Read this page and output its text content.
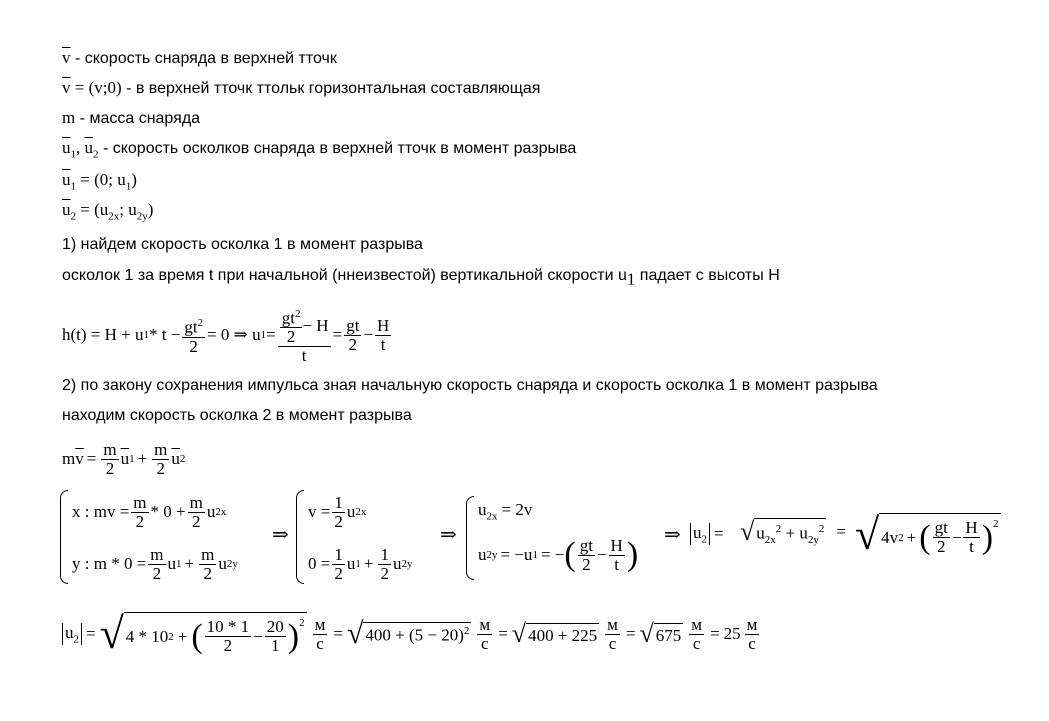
$\overline{v}$ - скорость снаряда в верхней тточк
$\overline{v}$ = (v;0) - в верхней тточк ттольк горизонтальная составляющая
m - масса снаряда
$\overline{u}_1$, $\overline{u}_2$ - скорость осколков снаряда в верхней тточк в момент разрыва
$\overline{u}_1 = (0$; $u_1$)
$\overline{u}_2 = (u_{2x}$; $u_{2y}$)
1) найдем скорость осколка 1 в момент разрыва
осколок 1 за время t при начальной (ннеизвестой) вертикальной скорости $u_1$ падает с высоты H
h(t) = H + u $1 * t - \frac{gt^2}{2} = 0$ ⇒ u $1 = gt^2$
2
− H
$t = \frac{gt}{2} - \frac{H}{t}$
2) по закону сохранения импульса зная начальную скорость снаряда и скорость осколка 1 в момент разрыва
находим скорость осколка 2 в момент разрыва
m $\overline{v} = \frac{m}{2} \overline{u}$ $1 + \frac{m}{2} \overline{u}$ 2
x : mv = $\frac{m}{2} * 0 + \frac{m}{2}$ u 2x
y : $m * 0 = \frac{m}{2}$ u $1 + \frac{m}{2}$ u 2y
⇒
$v = \frac{1}{2}$ u 2x
$0 = \frac{1}{2}$ u $1 + \frac{1}{2}$ u 2y
⇒
$u_{2x} = 2v$
u 2y = −u 1 = − ( gt
$2 - \frac{H}{t}$ )
⇒ $u_2$ = √ $u_{2x}^2 + u_{2y}^2$ = √ 4v 2 + ( gt
$2 - \frac{H}{t} )^2$
$u_2$ = √ 4 * 10 2 + ( 10 * 1
$2 - \frac{20}{1} )^2$ м
с = √ $400 + (5 - 20)^2$ м
с = √ 400 + 225
м
с = √ 675
м
с = 25 м
с
